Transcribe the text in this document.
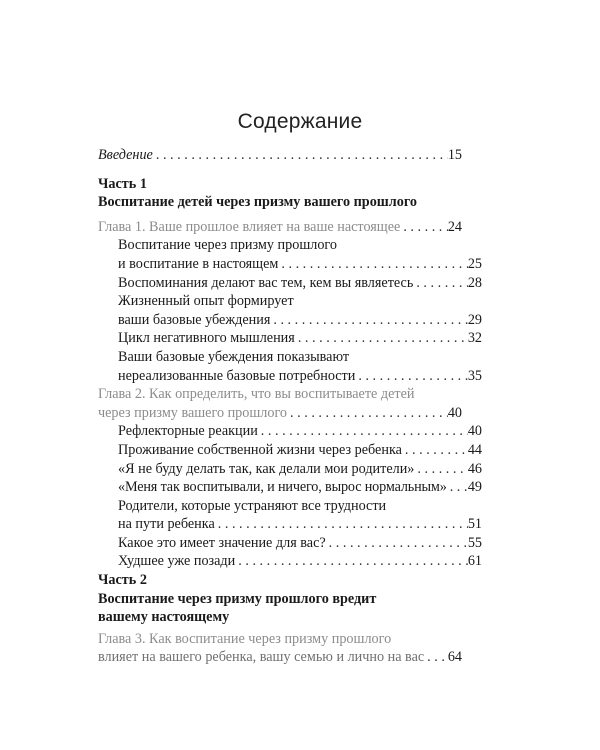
Содержание
Введение . . .	15
Часть 1
Воспитание детей через призму вашего прошлого
Глава 1. Ваше прошлое влияет на ваше настоящее . . .	24
Воспитание через призму прошлого
и воспитание в настоящем . . .	25
Воспоминания делают вас тем, кем вы являетесь . . .	28
Жизненный опыт формирует
ваши базовые убеждения . . .	29
Цикл негативного мышления . . .	32
Ваши базовые убеждения показывают
нереализованные базовые потребности . . .	35
Глава 2. Как определить, что вы воспитываете детей
через призму вашего прошлого . . .	40
Рефлекторные реакции . . .	40
Проживание собственной жизни через ребенка . . .	44
«Я не буду делать так, как делали мои родители» . . .	46
«Меня так воспитывали, и ничего, вырос нормальным» . . . 49
Родители, которые устраняют все трудности
на пути ребенка . . .	51
Какое это имеет значение для вас? . . .	55
Худшее уже позади . . .	61
Часть 2
Воспитание через призму прошлого вредит
вашему настоящему
Глава 3. Как воспитание через призму прошлого
влияет на вашего ребенка, вашу семью и лично на вас . . . 64
